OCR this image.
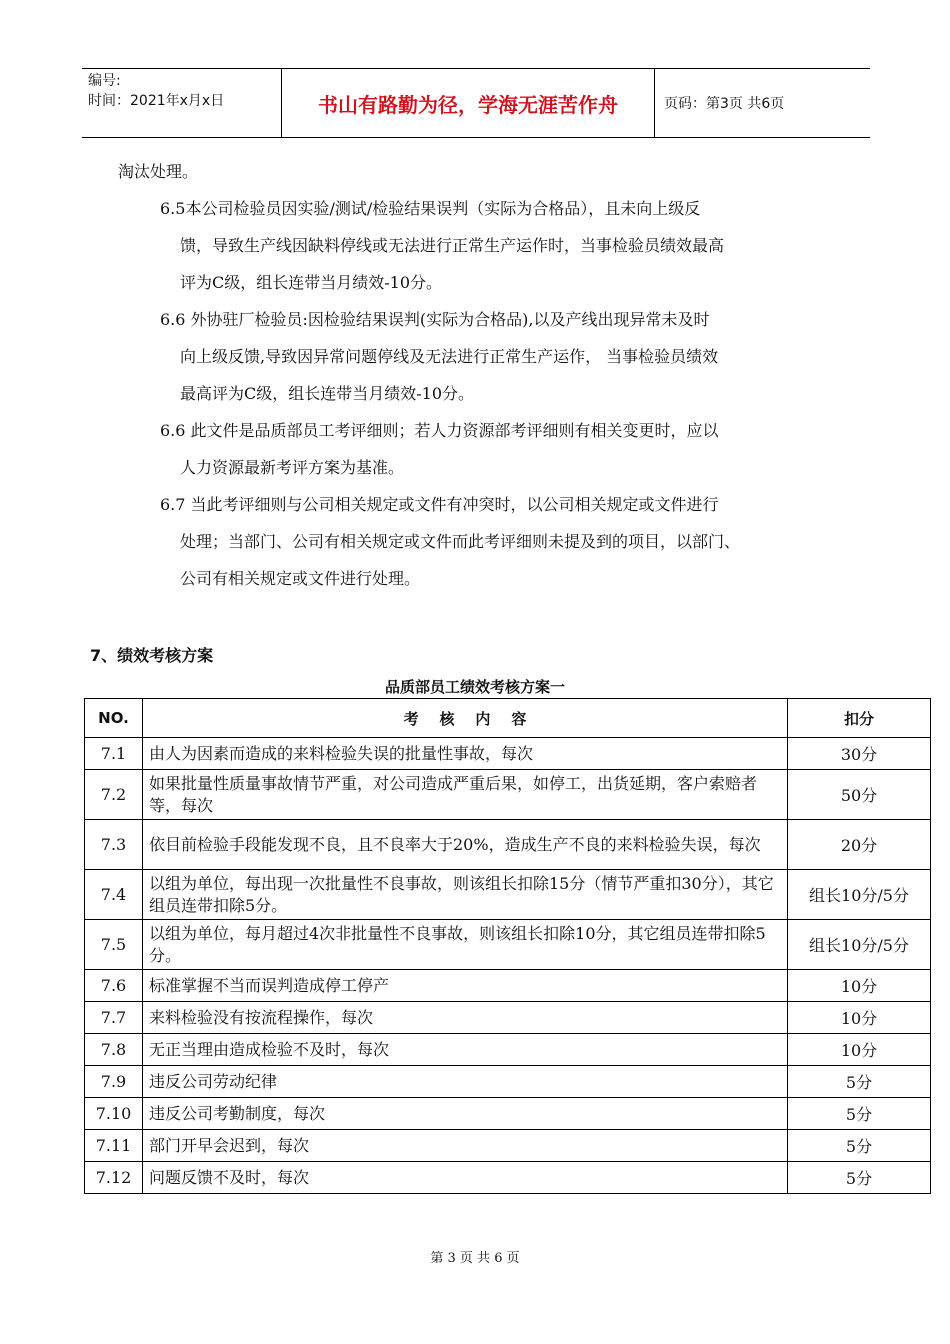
编号:
时间：2021年x月x日	书山有路勤为径，学海无涯苦作舟	页码：第3页 共6页
淘汰处理。
6.5本公司检验员因实验/测试/检验结果误判（实际为合格品），且未向上级反
馈，导致生产线因缺料停线或无法进行正常生产运作时，当事检验员绩效最高
评为C级，组长连带当月绩效-10分。
6.6 外协驻厂检验员:因检验结果误判(实际为合格品),以及产线出现异常未及时
向上级反馈,导致因异常问题停线及无法进行正常生产运作， 当事检验员绩效
最高评为C级，组长连带当月绩效-10分。
6.6 此文件是品质部员工考评细则；若人力资源部考评细则有相关变更时，应以
人力资源最新考评方案为基准。
6.7 当此考评细则与公司相关规定或文件有冲突时，以公司相关规定或文件进行
处理；当部门、公司有相关规定或文件而此考评细则未提及到的项目，以部门、
公司有相关规定或文件进行处理。
7、绩效考核方案
品质部员工绩效考核方案一
NO.	考    核    内    容	扣分
7.1	由人为因素而造成的来料检验失误的批量性事故，每次	30分
7.2	如果批量性质量事故情节严重，对公司造成严重后果，如停工，出货延期，客户索赔者等，每次	50分
7.3	依目前检验手段能发现不良，且不良率大于20%，造成生产不良的来料检验失误，每次	20分
7.4	以组为单位，每出现一次批量性不良事故，则该组长扣除15分（情节严重扣30分），其它组员连带扣除5分。	组长10分/5分
7.5	以组为单位，每月超过4次非批量性不良事故，则该组长扣除10分，其它组员连带扣除5分。	组长10分/5分
7.6	标准掌握不当而误判造成停工停产	10分
7.7	来料检验没有按流程操作，每次	10分
7.8	无正当理由造成检验不及时，每次	10分
7.9	违反公司劳动纪律	5分
7.10	违反公司考勤制度，每次	5分
7.11	部门开早会迟到，每次	5分
7.12	问题反馈不及时，每次	5分
第 3 页 共 6 页
